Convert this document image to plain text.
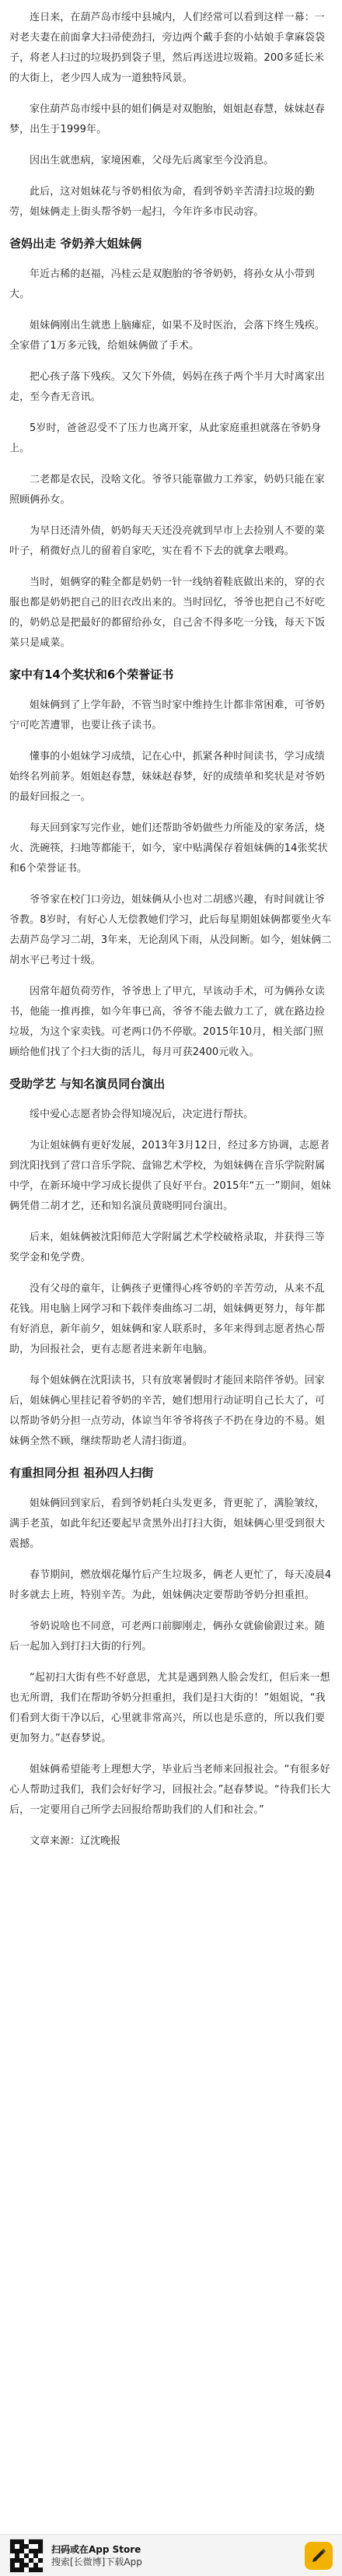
连日来，在葫芦岛市绥中县城内，人们经常可以看到这样一幕：一对老夫妻在前面拿大扫帚使劲扫，旁边两个戴手套的小姑娘手拿麻袋袋子，将老人扫过的垃圾扔到袋子里，然后再送进垃圾箱。200多延长米的大街上，老少四人成为一道独特风景。

家住葫芦岛市绥中县的姐们俩是对双胞胎，姐姐赵春慧，妹妹赵春梦，出生于1999年。

因出生就患病，家境困难，父母先后离家至今没消息。

此后，这对姐妹花与爷奶相依为命，看到爷奶辛苦清扫垃圾的勤劳，姐妹俩走上街头帮爷奶一起扫，今年许多市民动容。

爸妈出走 爷奶养大姐妹俩

年近古稀的赵福，冯桂云是双胞胎的爷爷奶奶，将孙女从小带到大。

姐妹俩刚出生就患上脑瘫症，如果不及时医治，会落下终生残疾。全家借了1万多元钱，给姐妹俩做了手术。

把心孩子落下残疾。又欠下外债，妈妈在孩子两个半月大时离家出走，至今杳无音讯。

5岁时，爸爸忍受不了压力也离开家，从此家庭重担就落在爷奶身上。

二老都是农民，没啥文化。爷爷只能靠做力工养家，奶奶只能在家照顾俩孙女。

为早日还清外债，奶奶每天天还没亮就到早市上去捡别人不要的菜叶子，稍微好点儿的留着自家吃，实在看不下去的就拿去喂鸡。

当时，姐俩穿的鞋全都是奶奶一针一线纳着鞋底做出来的，穿的衣服也都是奶奶把自己的旧衣改出来的。当时回忆，爷爷也把自己不好吃的，奶奶总是把最好的都留给孙女，自己舍不得多吃一分钱，每天下饭菜只是咸菜。

家中有14个奖状和6个荣誉证书

姐妹俩到了上学年龄，不管当时家中维持生计都非常困难，可爷奶宁可吃苦遭罪，也要让孩子读书。

懂事的小姐妹学习成绩，记在心中，抓紧各种时间读书，学习成绩始终名列前茅。姐姐赵春慧，妹妹赵春梦，好的成绩单和奖状是对爷奶的最好回报之一。

每天回到家写完作业，她们还帮助爷奶做些力所能及的家务活，烧火、洗碗筷，扫地等都能干，如今，家中贴满保存着姐妹俩的14张奖状和6个荣誉证书。

爷爷家在校门口旁边，姐妹俩从小也对二胡感兴趣，有时间就让爷爷教。8岁时，有好心人无偿教她们学习，此后每星期姐妹俩都要坐火车去葫芦岛学习二胡，3年来，无论刮风下雨，从没间断。如今，姐妹俩二胡水平已考过十级。

因常年超负荷劳作，爷爷患上了甲亢，早该动手术，可为俩孙女读书，他能一推再推，如今年事已高，爷爷不能去做力工了，就在路边捡垃圾，为这个家卖钱。可老两口仍不停歇。2015年10月，相关部门照顾给他们找了个扫大街的活儿，每月可获2400元收入。

受助学艺 与知名演员同台演出

绥中爱心志愿者协会得知境况后，决定进行帮扶。

为让姐妹俩有更好发展，2013年3月12日，经过多方协调，志愿者到沈阳找到了营口音乐学院、盘锦艺术学校，为姐妹俩在音乐学院附属中学，在新环境中学习成长提供了良好平台。2015年“五一”期间，姐妹俩凭借二胡才艺，还和知名演员黄晓明同台演出。

后来，姐妹俩被沈阳师范大学附属艺术学校破格录取，并获得三等奖学金和免学费。

没有父母的童年，让俩孩子更懂得心疼爷奶的辛苦劳动，从来不乱花钱。用电脑上网学习和下载伴奏曲练习二胡，姐妹俩更努力，每年都有好消息，新年前夕，姐妹俩和家人联系时，多年来得到志愿者热心帮助，为回报社会，更有志愿者进来新年电脑。

每个姐妹俩在沈阳读书，只有放寒暑假时才能回来陪伴爷奶。回家后，姐妹俩心里挂记着爷奶的辛苦，她们想用行动证明自己长大了，可以帮助爷奶分担一点劳动，体谅当年爷爷将孩子不扔在身边的不易。姐妹俩全然不顾，继续帮助老人清扫街道。

有重担同分担 祖孙四人扫街

姐妹俩回到家后，看到爷奶耗白头发更多，背更驼了，满脸皱纹，满手老茧，如此年纪还要起早贪黑外出打扫大街，姐妹俩心里受到很大震撼。

春节期间，燃放烟花爆竹后产生垃圾多，俩老人更忙了，每天凌晨4时多就去上班，特别辛苦。为此，姐妹俩决定要帮助爷奶分担重担。

爷奶说啥也不同意，可老两口前脚刚走，俩孙女就偷偷跟过来。随后一起加入到打扫大街的行列。

“起初扫大街有些不好意思，尤其是遇到熟人脸会发红，但后来一想也无所谓，我们在帮助爷奶分担重担，我们是扫大街的！”姐姐说，“我们看到大街干净以后，心里就非常高兴，所以也是乐意的，所以我们要更加努力。”赵春梦说。

姐妹俩希望能考上理想大学，毕业后当老师来回报社会。“有很多好心人帮助过我们，我们会好好学习，回报社会。”赵春梦说。“待我们长大后，一定要用自己所学去回报给帮助我们的人们和社会。”

文章来源：辽沈晚报

扫码或在App Store
搜索[长微博]下载App
